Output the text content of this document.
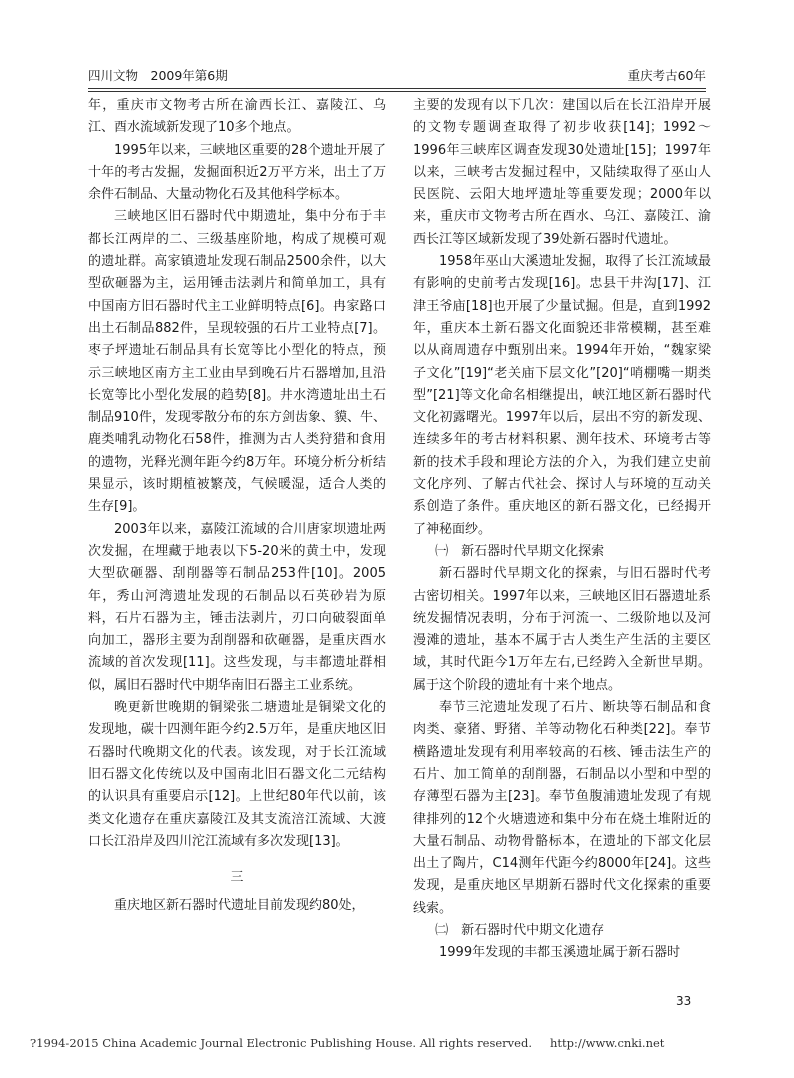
四川文物　2009年第6期	重庆考古60年

年，重庆市文物考古所在渝西长江、嘉陵江、乌江、酉水流域新发现了10多个地点。

1995年以来，三峡地区重要的28个遗址开展了十年的考古发掘，发掘面积近2万平方米，出土了万余件石制品、大量动物化石及其他科学标本。

三峡地区旧石器时代中期遗址，集中分布于丰都长江两岸的二、三级基座阶地，构成了规模可观的遗址群。高家镇遗址发现石制品2500余件，以大型砍砸器为主，运用锤击法剥片和简单加工，具有中国南方旧石器时代主工业鲜明特点[6]。冉家路口出土石制品882件，呈现较强的石片工业特点[7]。枣子坪遗址石制品具有长宽等比小型化的特点，预示三峡地区南方主工业由早到晚石片石器增加,且沿长宽等比小型化发展的趋势[8]。井水湾遗址出土石制品910件，发现零散分布的东方剑齿象、貘、牛、鹿类哺乳动物化石58件，推测为古人类狩猎和食用的遗物，光释光测年距今约8万年。环境分析分析结果显示，该时期植被繁茂，气候暖湿，适合人类的生存[9]。

2003年以来，嘉陵江流域的合川唐家坝遗址两次发掘，在埋藏于地表以下5-20米的黄土中，发现大型砍砸器、刮削器等石制品253件[10]。2005年，秀山河湾遗址发现的石制品以石英砂岩为原料，石片石器为主，锤击法剥片，刃口向破裂面单向加工，器形主要为刮削器和砍砸器，是重庆酉水流域的首次发现[11]。这些发现，与丰都遗址群相似，属旧石器时代中期华南旧石器主工业系统。

晚更新世晚期的铜梁张二塘遗址是铜梁文化的发现地，碳十四测年距今约2.5万年，是重庆地区旧石器时代晚期文化的代表。该发现，对于长江流域旧石器文化传统以及中国南北旧石器文化二元结构的认识具有重要启示[12]。上世纪80年代以前，该类文化遗存在重庆嘉陵江及其支流涪江流域、大渡口长江沿岸及四川沱江流域有多次发现[13]。

三

重庆地区新石器时代遗址目前发现约80处，

主要的发现有以下几次：建国以后在长江沿岸开展的文物专题调查取得了初步收获[14]；1992～1996年三峡库区调查发现30处遗址[15]；1997年以来，三峡考古发掘过程中，又陆续取得了巫山人民医院、云阳大地坪遗址等重要发现；2000年以来，重庆市文物考古所在酉水、乌江、嘉陵江、渝西长江等区域新发现了39处新石器时代遗址。

1958年巫山大溪遗址发掘，取得了长江流域最有影响的史前考古发现[16]。忠县干井沟[17]、江津王爷庙[18]也开展了少量试掘。但是，直到1992年，重庆本土新石器文化面貌还非常模糊，甚至难以从商周遗存中甄别出来。1994年开始，“魏家梁子文化”[19]“老关庙下层文化”[20]“哨棚嘴一期类型”[21]等文化命名相继提出，峡江地区新石器时代文化初露曙光。1997年以后，层出不穷的新发现、连续多年的考古材料积累、测年技术、环境考古等新的技术手段和理论方法的介入，为我们建立史前文化序列、了解古代社会、探讨人与环境的互动关系创造了条件。重庆地区的新石器文化，已经揭开了神秘面纱。

㈠　新石器时代早期文化探索

新石器时代早期文化的探索，与旧石器时代考古密切相关。1997年以来，三峡地区旧石器遗址系统发掘情况表明，分布于河流一、二级阶地以及河漫滩的遗址，基本不属于古人类生产生活的主要区域，其时代距今1万年左右,已经跨入全新世早期。属于这个阶段的遗址有十来个地点。

奉节三沱遗址发现了石片、断块等石制品和食肉类、豪猪、野猪、羊等动物化石种类[22]。奉节横路遗址发现有利用率较高的石核、锤击法生产的石片、加工简单的刮削器，石制品以小型和中型的存薄型石器为主[23]。奉节鱼腹浦遗址发现了有规律排列的12个火塘遗迹和集中分布在烧土堆附近的大量石制品、动物骨骼标本，在遗址的下部文化层出土了陶片，C14测年代距今约8000年[24]。这些发现，是重庆地区早期新石器时代文化探索的重要线索。

㈡　新石器时代中期文化遗存

1999年发现的丰都玉溪遗址属于新石器时

33
?1994-2015 China Academic Journal Electronic Publishing House. All rights reserved. http://www.cnki.net
